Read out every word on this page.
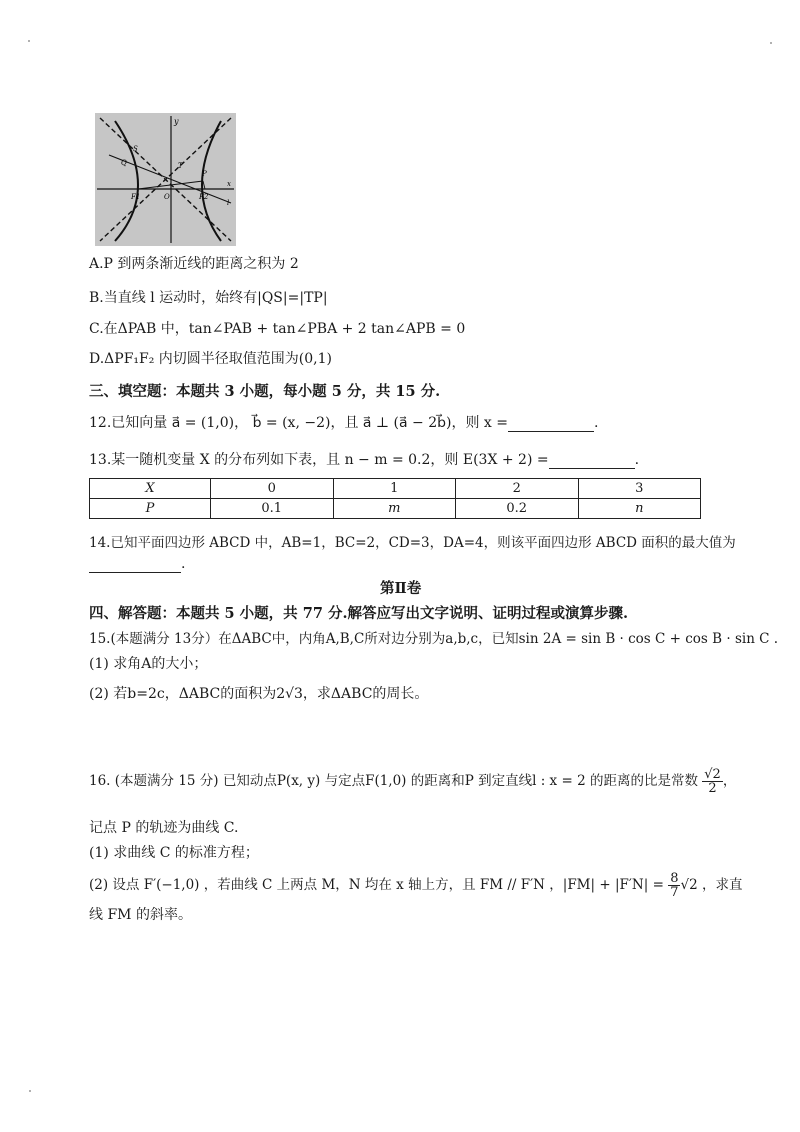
y
S
Q	T
P
x
F1	O	F2
l
A.P 到两条渐近线的距离之积为 2
B.当直线 l 运动时，始终有|QS|=|TP|
C.在ΔPAB 中，tan∠PAB + tan∠PBA + 2 tan∠APB = 0
D.ΔPF₁F₂ 内切圆半径取值范围为(0,1)
三、填空题：本题共 3 小题，每小题 5 分，共 15 分.
12.已知向量 a⃗ = (1,0)， b⃗ = (x, −2)，且 a⃗ ⊥ (a⃗ − 2b⃗)，则 x =	.
13.某一随机变量 X 的分布列如下表，且 n − m = 0.2，则 E(3X + 2) =	.
X	0	1	2	3
P	0.1	m	0.2	n
14.已知平面四边形 ABCD 中，AB=1，BC=2，CD=3，DA=4，则该平面四边形 ABCD 面积的最大值为
.
第Ⅱ卷
四、解答题：本题共 5 小题，共 77 分.解答应写出文字说明、证明过程或演算步骤.
15.(本题满分 13分）在ΔABC中，内角A,B,C所对边分别为a,b,c，已知sin 2A = sin B · cos C + cos B · sin C .
(1) 求角A的大小；
(2) 若b=2c，ΔABC的面积为2√3，求ΔABC的周长。
16. (本题满分 15 分) 已知动点P(x, y) 与定点F(1,0) 的距离和P 到定直线l : x = 2 的距离的比是常数 $\frac{√2}{2}$ ，
记点 P 的轨迹为曲线 C.
(1) 求曲线 C 的标准方程；
(2) 设点 F′(−1,0) ，若曲线 C 上两点 M，N 均在 x 轴上方，且 FM // F′N ，$|FM| + |F'N| = \frac{8}{7} √2$ ，求直
线 FM 的斜率。
